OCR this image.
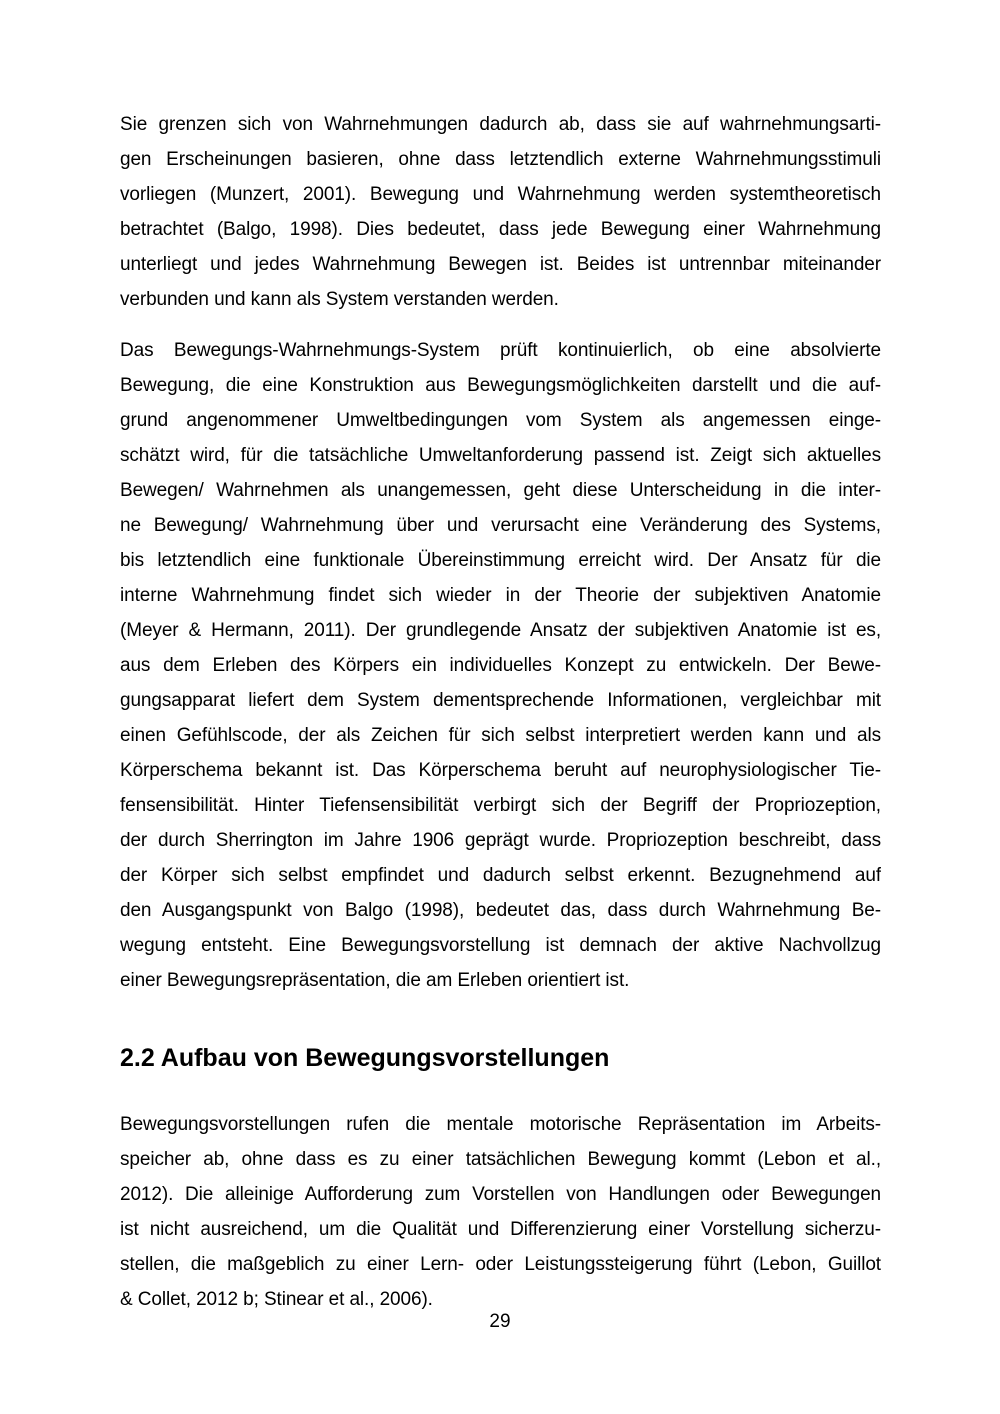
Sie grenzen sich von Wahrnehmungen dadurch ab, dass sie auf wahrnehmungsarti-
gen Erscheinungen basieren, ohne dass letztendlich externe Wahrnehmungsstimuli
vorliegen (Munzert, 2001). Bewegung und Wahrnehmung werden systemtheoretisch
betrachtet (Balgo, 1998). Dies bedeutet, dass jede Bewegung einer Wahrnehmung
unterliegt und jedes Wahrnehmung Bewegen ist. Beides ist untrennbar miteinander
verbunden und kann als System verstanden werden.
Das Bewegungs-Wahrnehmungs-System prüft kontinuierlich, ob eine absolvierte
Bewegung, die eine Konstruktion aus Bewegungsmöglichkeiten darstellt und die auf-
grund angenommener Umweltbedingungen vom System als angemessen einge-
schätzt wird, für die tatsächliche Umweltanforderung passend ist. Zeigt sich aktuelles
Bewegen/ Wahrnehmen als unangemessen, geht diese Unterscheidung in die inter-
ne Bewegung/ Wahrnehmung über und verursacht eine Veränderung des Systems,
bis letztendlich eine funktionale Übereinstimmung erreicht wird. Der Ansatz für die
interne Wahrnehmung findet sich wieder in der Theorie der subjektiven Anatomie
(Meyer & Hermann, 2011). Der grundlegende Ansatz der subjektiven Anatomie ist es,
aus dem Erleben des Körpers ein individuelles Konzept zu entwickeln. Der Bewe-
gungsapparat liefert dem System dementsprechende Informationen, vergleichbar mit
einen Gefühlscode, der als Zeichen für sich selbst interpretiert werden kann und als
Körperschema bekannt ist. Das Körperschema beruht auf neurophysiologischer Tie-
fensensibilität. Hinter Tiefensensibilität verbirgt sich der Begriff der Propriozeption,
der durch Sherrington im Jahre 1906 geprägt wurde. Propriozeption beschreibt, dass
der Körper sich selbst empfindet und dadurch selbst erkennt. Bezugnehmend auf
den Ausgangspunkt von Balgo (1998), bedeutet das, dass durch Wahrnehmung Be-
wegung entsteht. Eine Bewegungsvorstellung ist demnach der aktive Nachvollzug
einer Bewegungsrepräsentation, die am Erleben orientiert ist.
2.2 Aufbau von Bewegungsvorstellungen
Bewegungsvorstellungen rufen die mentale motorische Repräsentation im Arbeits-
speicher ab, ohne dass es zu einer tatsächlichen Bewegung kommt (Lebon et al.,
2012). Die alleinige Aufforderung zum Vorstellen von Handlungen oder Bewegungen
ist nicht ausreichend, um die Qualität und Differenzierung einer Vorstellung sicherzu-
stellen, die maßgeblich zu einer Lern- oder Leistungssteigerung führt (Lebon, Guillot
& Collet, 2012 b; Stinear et al., 2006).
29
